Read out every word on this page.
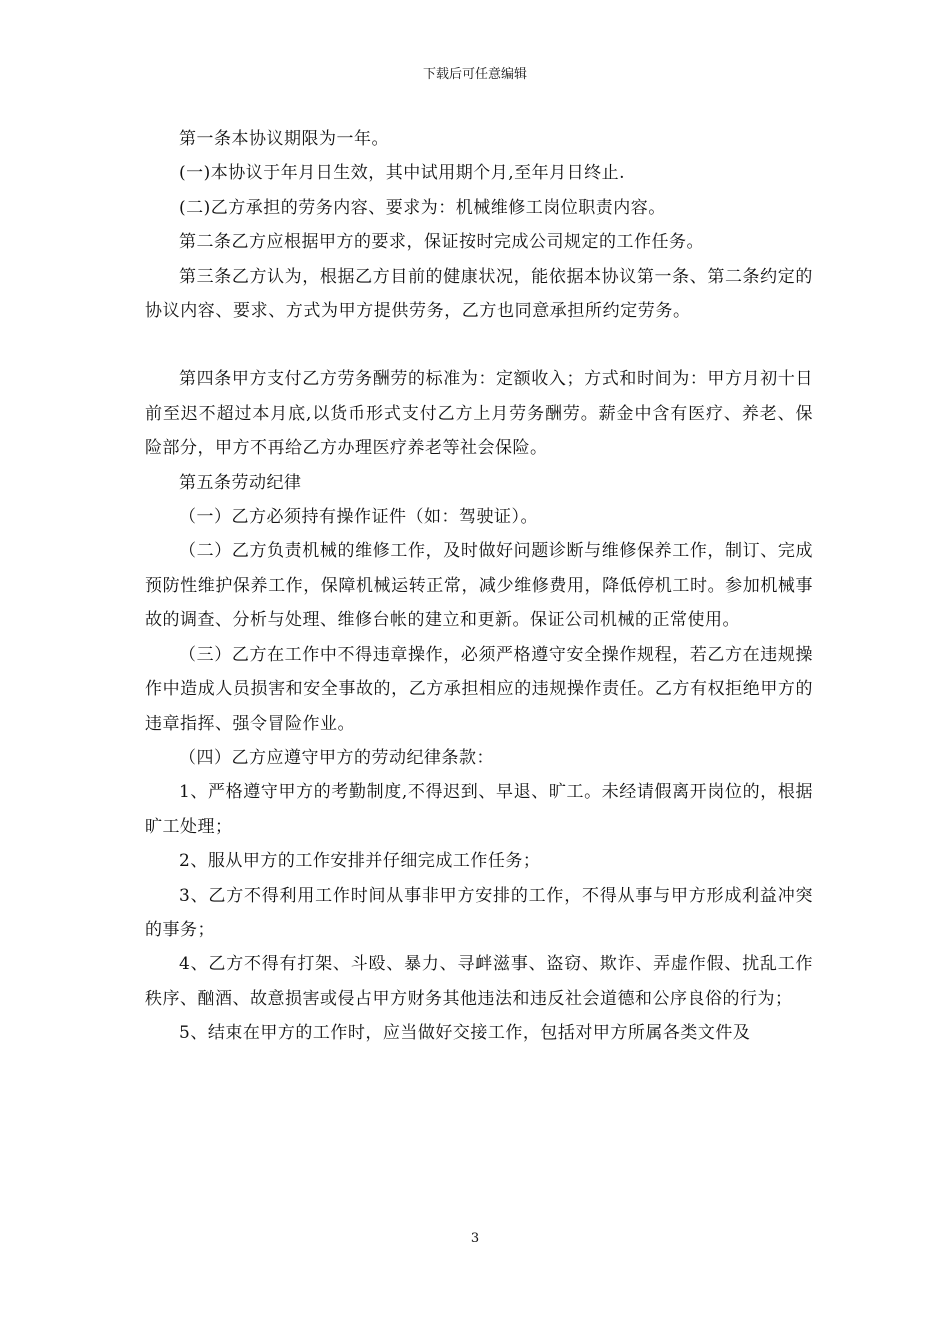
下载后可任意编辑

第一条本协议期限为一年。

(一)本协议于年月日生效，其中试用期个月,至年月日终止.

(二)乙方承担的劳务内容、要求为：机械维修工岗位职责内容。

第二条乙方应根据甲方的要求，保证按时完成公司规定的工作任务。

第三条乙方认为，根据乙方目前的健康状况，能依据本协议第一条、第二条约定的协议内容、要求、方式为甲方提供劳务，乙方也同意承担所约定劳务。

第四条甲方支付乙方劳务酬劳的标准为：定额收入；方式和时间为：甲方月初十日前至迟不超过本月底,以货币形式支付乙方上月劳务酬劳。薪金中含有医疗、养老、保险部分，甲方不再给乙方办理医疗养老等社会保险。

第五条劳动纪律

（一）乙方必须持有操作证件（如：驾驶证）。

（二）乙方负责机械的维修工作，及时做好问题诊断与维修保养工作，制订、完成预防性维护保养工作，保障机械运转正常，减少维修费用，降低停机工时。参加机械事故的调查、分析与处理、维修台帐的建立和更新。保证公司机械的正常使用。

（三）乙方在工作中不得违章操作，必须严格遵守安全操作规程，若乙方在违规操作中造成人员损害和安全事故的，乙方承担相应的违规操作责任。乙方有权拒绝甲方的违章指挥、强令冒险作业。

（四）乙方应遵守甲方的劳动纪律条款：

1、严格遵守甲方的考勤制度,不得迟到、早退、旷工。未经请假离开岗位的，根据旷工处理；

2、服从甲方的工作安排并仔细完成工作任务；

3、乙方不得利用工作时间从事非甲方安排的工作，不得从事与甲方形成利益冲突的事务；

4、乙方不得有打架、斗殴、暴力、寻衅滋事、盗窃、欺诈、弄虚作假、扰乱工作秩序、酗酒、故意损害或侵占甲方财务其他违法和违反社会道德和公序良俗的行为；

5、结束在甲方的工作时，应当做好交接工作，包括对甲方所属各类文件及

3
